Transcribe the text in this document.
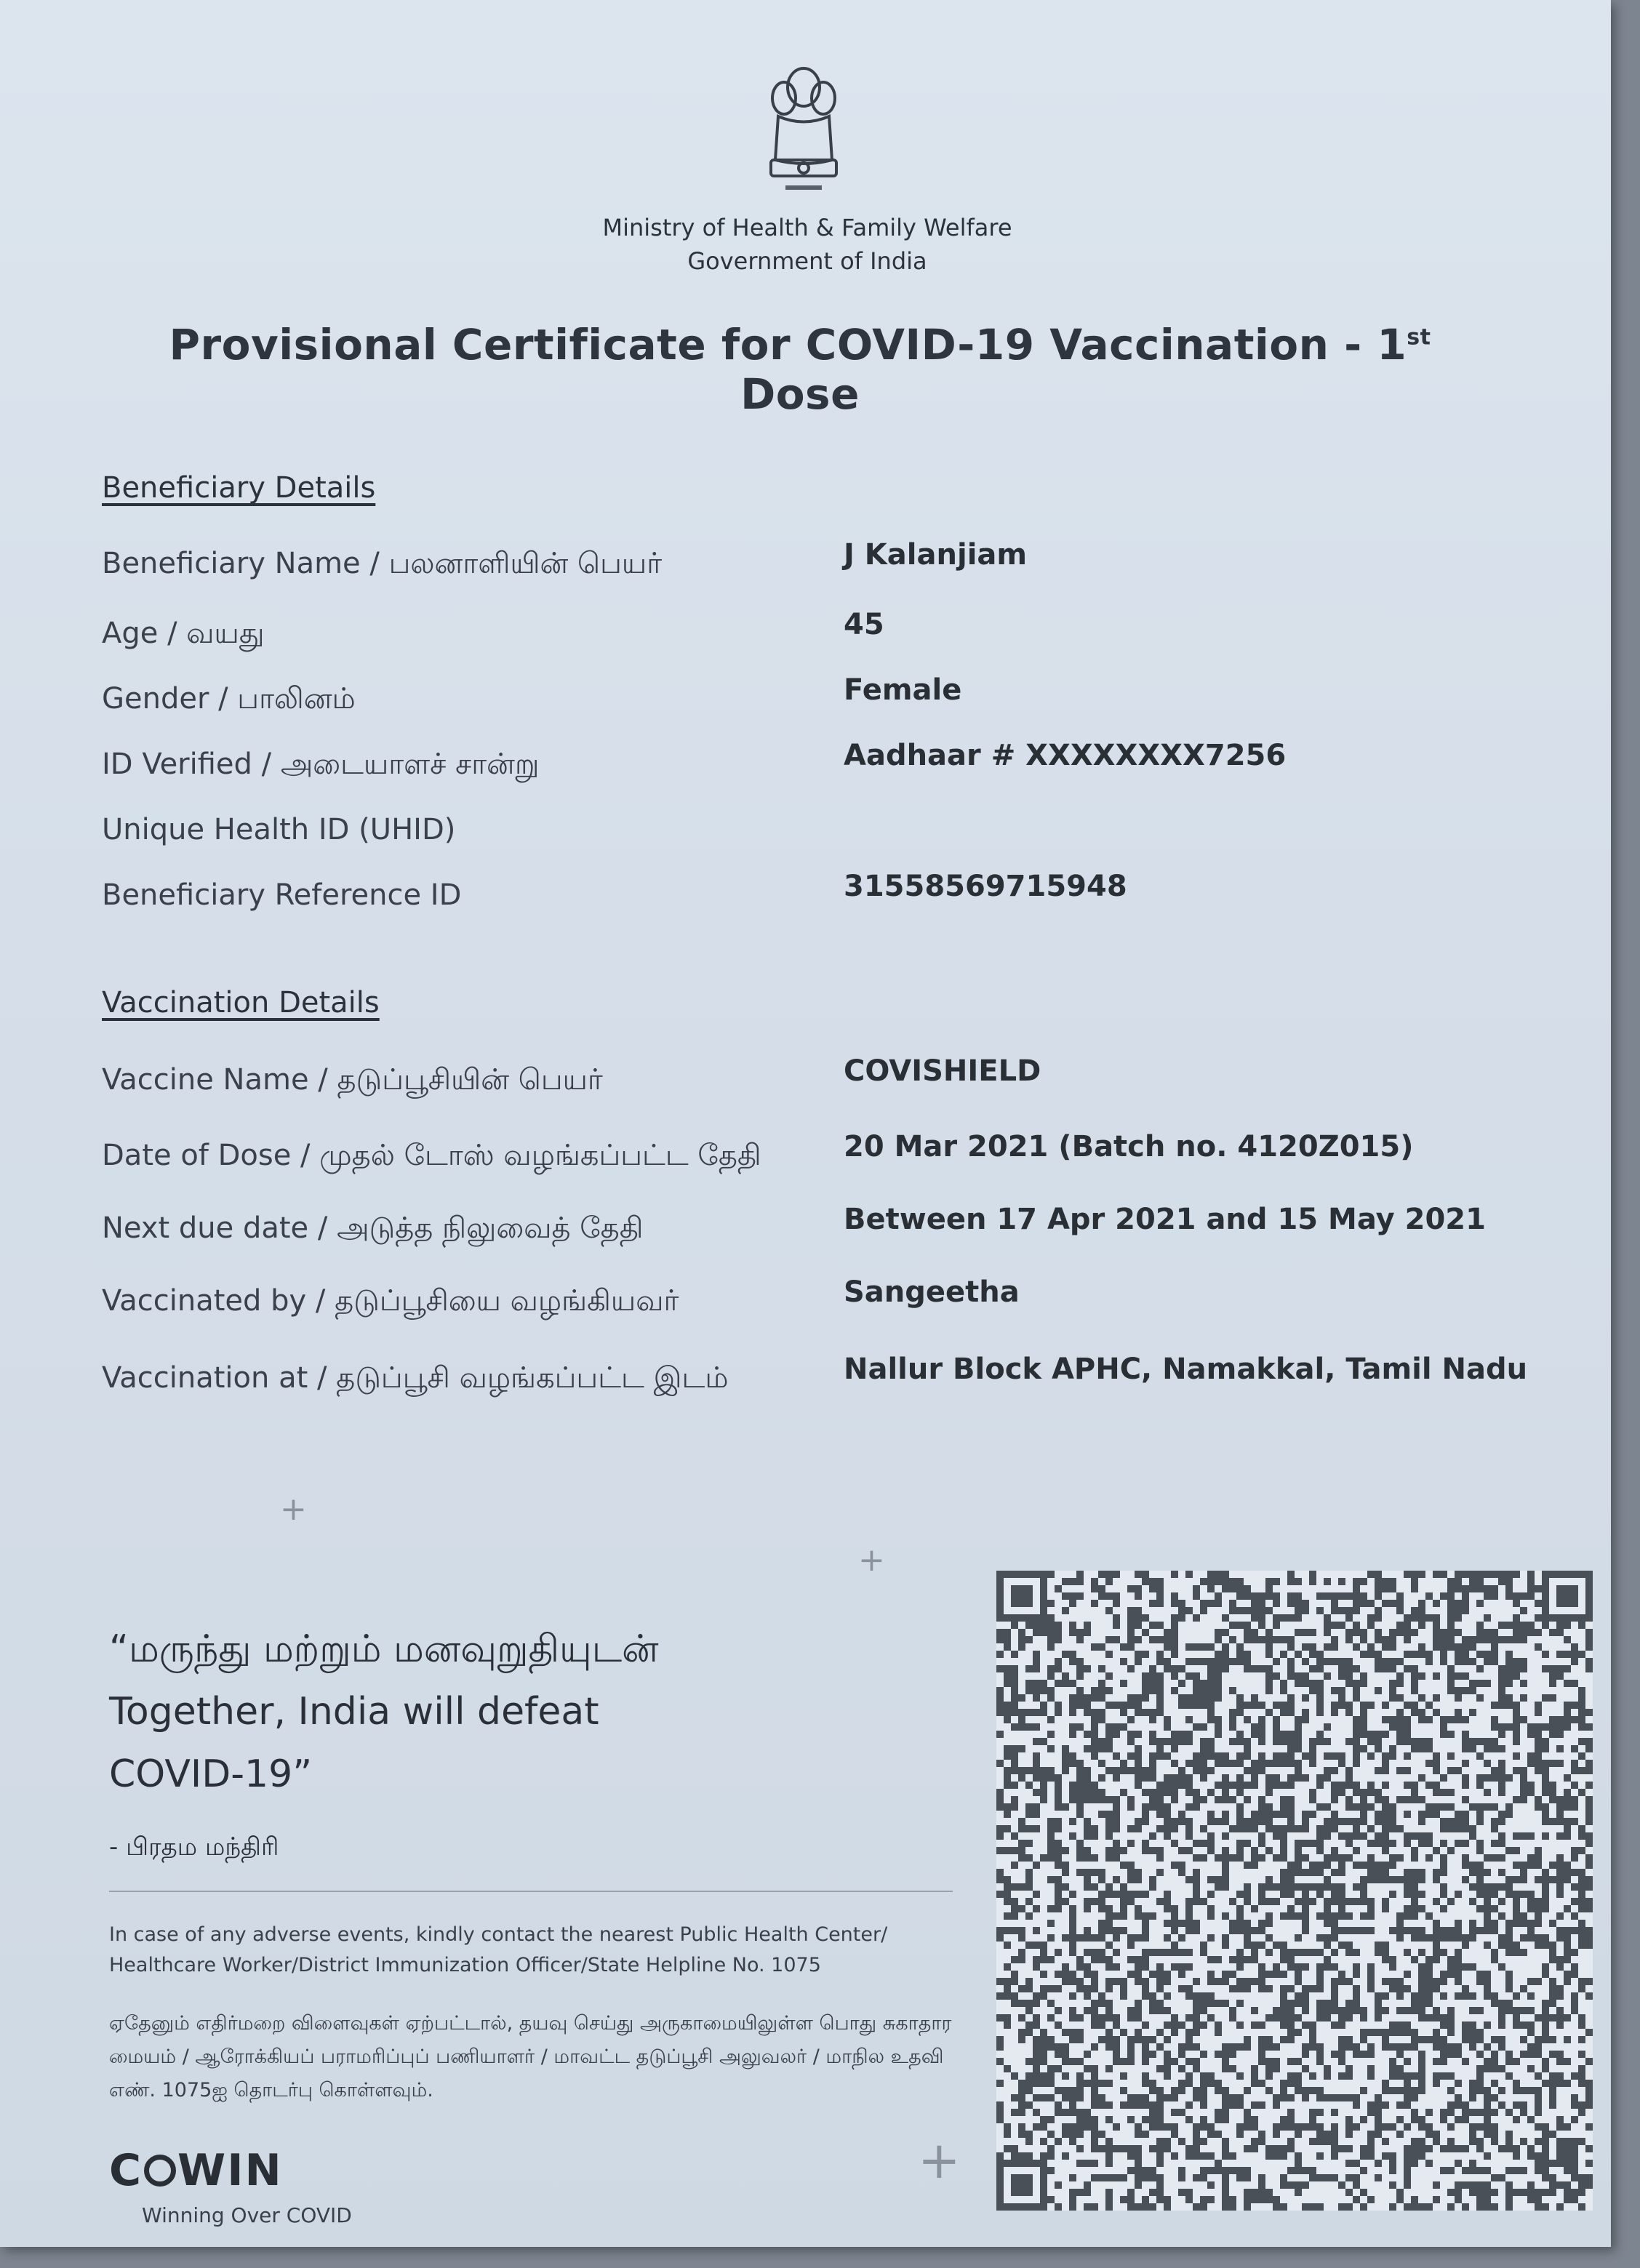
Ministry of Health & Family Welfare
Government of India
Provisional Certificate for COVID-19 Vaccination - 1st Dose
Beneficiary Details
Beneficiary Name / பலனாளியின் பெயர்	J Kalanjiam
Age / வயது	45
Gender / பாலினம்	Female
ID Verified / அடையாளச் சான்று	Aadhaar # XXXXXXXX7256
Unique Health ID (UHID)
Beneficiary Reference ID	31558569715948
Vaccination Details
Vaccine Name / தடுப்பூசியின் பெயர்	COVISHIELD
Date of Dose / முதல் டோஸ் வழங்கப்பட்ட தேதி	20 Mar 2021 (Batch no. 4120Z015)
Next due date / அடுத்த நிலுவைத் தேதி	Between 17 Apr 2021 and 15 May 2021
Vaccinated by / தடுப்பூசியை வழங்கியவர்	Sangeetha
Vaccination at / தடுப்பூசி வழங்கப்பட்ட இடம்	Nallur Block APHC, Namakkal, Tamil Nadu
+
+
“மருந்து மற்றும் மனவுறுதியுடன்
Together, India will defeat
COVID-19”
- பிரதம மந்திரி
In case of any adverse events, kindly contact the nearest Public Health Center/ Healthcare Worker/District Immunization Officer/State Helpline No. 1075
ஏதேனும் எதிர்மறை விளைவுகள் ஏற்பட்டால், தயவு செய்து அருகாமையிலுள்ள பொது சுகாதார மையம் / ஆரோக்கியப் பராமரிப்புப் பணியாளர் / மாவட்ட தடுப்பூசி அலுவலர் / மாநில உதவி எண். 1075ஐ தொடர்பு கொள்ளவும்.
C WIN
Winning Over COVID
+
